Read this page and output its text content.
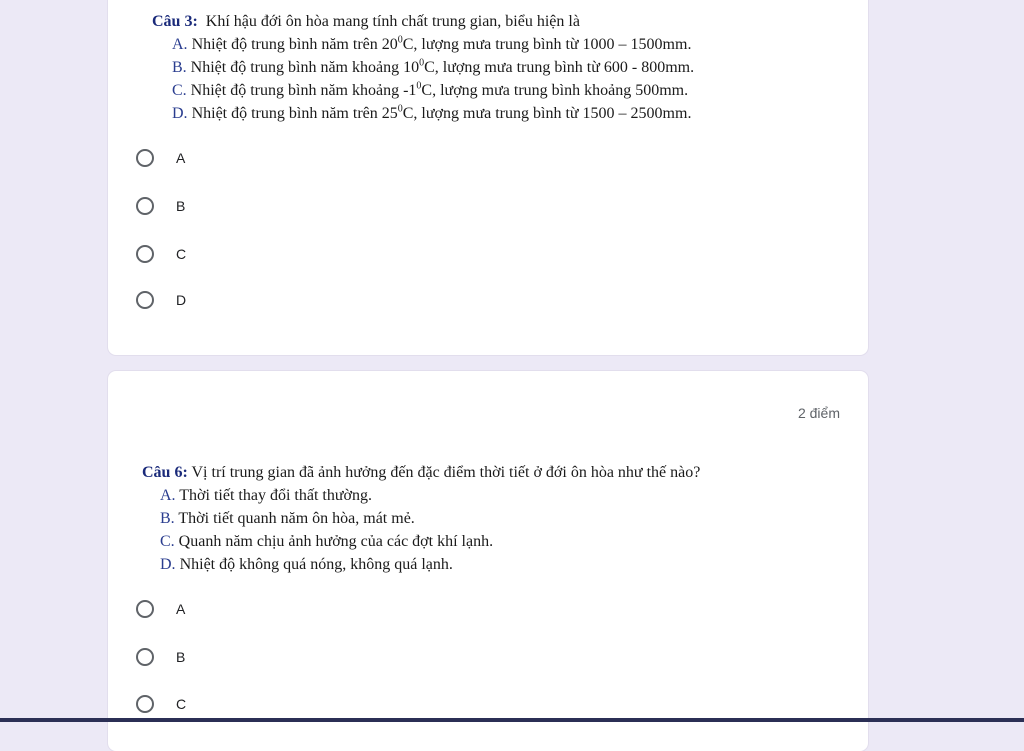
Câu 3: Khí hậu đới ôn hòa mang tính chất trung gian, biểu hiện là
A. Nhiệt độ trung bình năm trên $20^0C$, lượng mưa trung bình từ 1000 – 1500mm.
B. Nhiệt độ trung bình năm khoảng $10^0C$, lượng mưa trung bình từ 600 - 800mm.
C. Nhiệt độ trung bình năm khoảng $-1^0C$, lượng mưa trung bình khoảng 500mm.
D. Nhiệt độ trung bình năm trên $25^0C$, lượng mưa trung bình từ 1500 – 2500mm.
A
B
C
D
2 điểm
Câu 6: Vị trí trung gian đã ảnh hưởng đến đặc điểm thời tiết ở đới ôn hòa như thế nào?
A. Thời tiết thay đổi thất thường.
B. Thời tiết quanh năm ôn hòa, mát mẻ.
C. Quanh năm chịu ảnh hưởng của các đợt khí lạnh.
D. Nhiệt độ không quá nóng, không quá lạnh.
A
B
C
